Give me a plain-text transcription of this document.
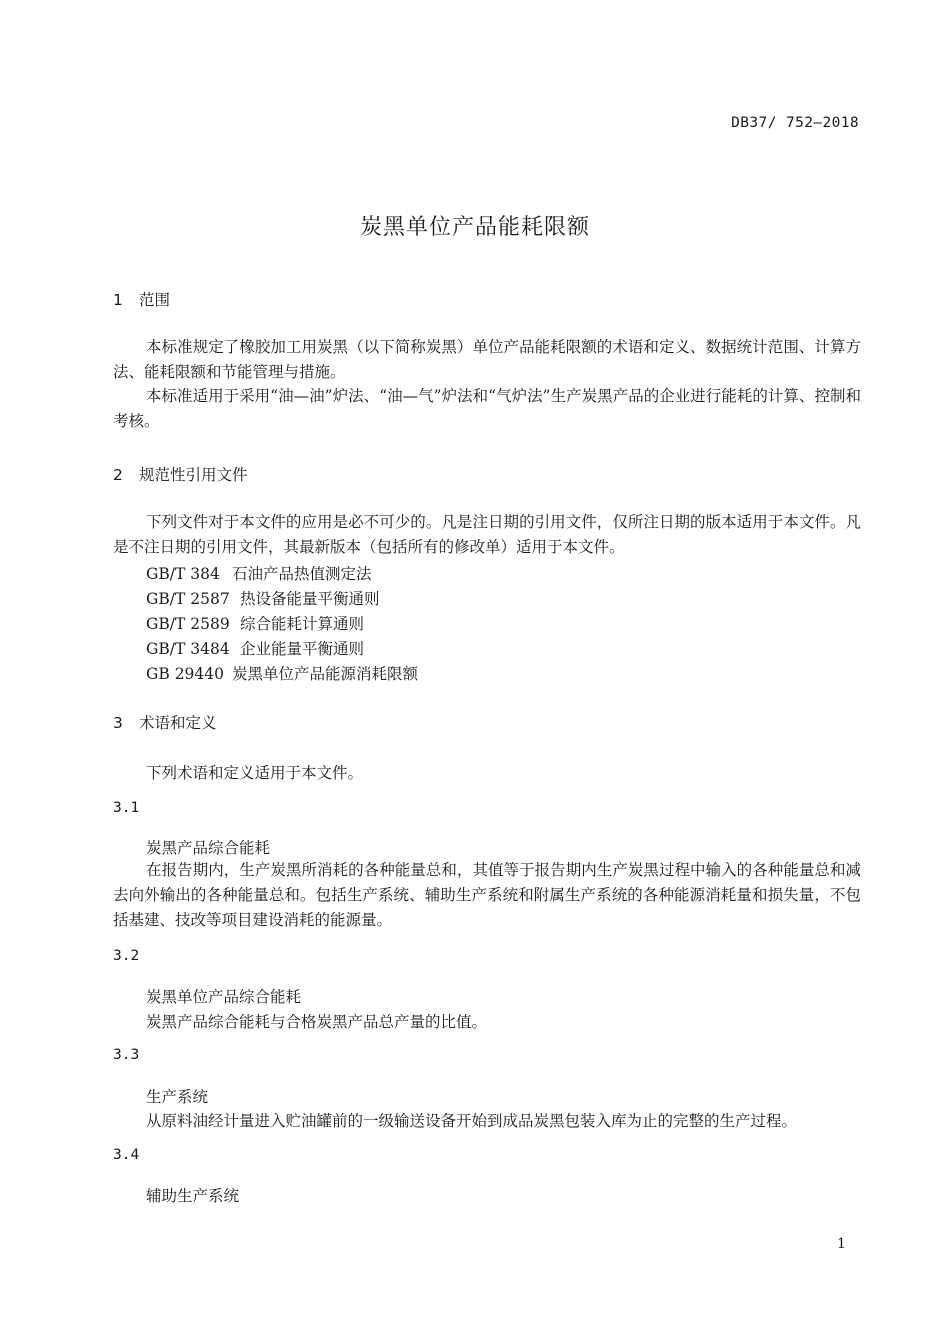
DB37/ 752—2018
炭黑单位产品能耗限额
1 范围
本标准规定了橡胶加工用炭黑（以下简称炭黑）单位产品能耗限额的术语和定义、数据统计范围、计算方法、能耗限额和节能管理与措施。
本标准适用于采用“油—油”炉法、“油—气”炉法和“气炉法”生产炭黑产品的企业进行能耗的计算、控制和考核。
2 规范性引用文件
下列文件对于本文件的应用是必不可少的。凡是注日期的引用文件，仅所注日期的版本适用于本文件。凡是不注日期的引用文件，其最新版本（包括所有的修改单）适用于本文件。
GB/T 384 石油产品热值测定法
GB/T 2587 热设备能量平衡通则
GB/T 2589 综合能耗计算通则
GB/T 3484 企业能量平衡通则
GB 29440 炭黑单位产品能源消耗限额
3 术语和定义
下列术语和定义适用于本文件。
3.1
炭黑产品综合能耗
在报告期内，生产炭黑所消耗的各种能量总和，其值等于报告期内生产炭黑过程中输入的各种能量总和减去向外输出的各种能量总和。包括生产系统、辅助生产系统和附属生产系统的各种能源消耗量和损失量，不包括基建、技改等项目建设消耗的能源量。
3.2
炭黑单位产品综合能耗
炭黑产品综合能耗与合格炭黑产品总产量的比值。
3.3
生产系统
从原料油经计量进入贮油罐前的一级输送设备开始到成品炭黑包装入库为止的完整的生产过程。
3.4
辅助生产系统
1
